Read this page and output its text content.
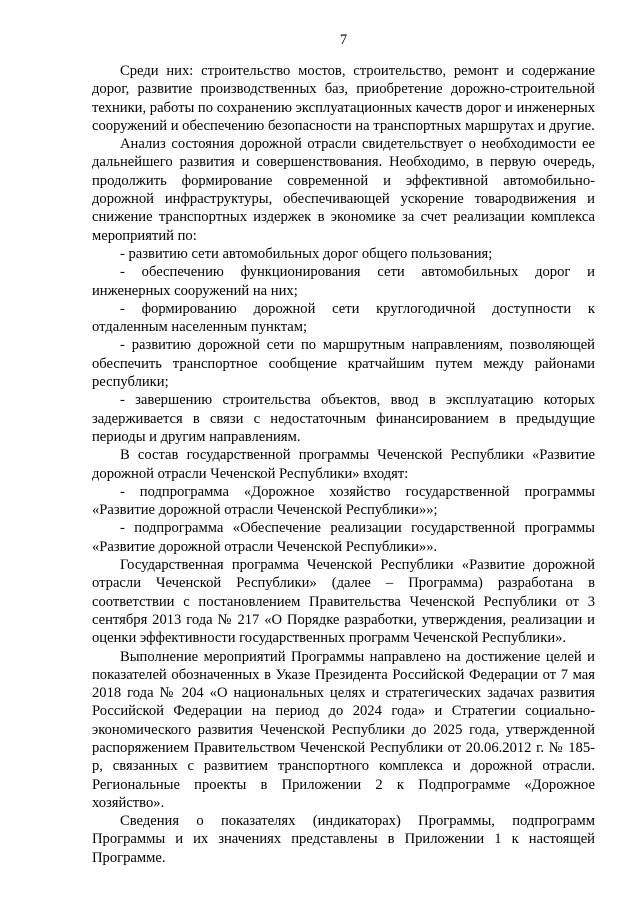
7

Среди них: строительство мостов, строительство, ремонт и содержание дорог, развитие производственных баз, приобретение дорожно-строительной техники, работы по сохранению эксплуатационных качеств дорог и инженерных сооружений и обеспечению безопасности на транспортных маршрутах и другие.

Анализ состояния дорожной отрасли свидетельствует о необходимости ее дальнейшего развития и совершенствования. Необходимо, в первую очередь, продолжить формирование современной и эффективной автомобильно-дорожной инфраструктуры, обеспечивающей ускорение товародвижения и снижение транспортных издержек в экономике за счет реализации комплекса мероприятий по:

- развитию сети автомобильных дорог общего пользования;

- обеспечению функционирования сети автомобильных дорог и инженерных сооружений на них;

- формированию дорожной сети круглогодичной доступности к отдаленным населенным пунктам;

- развитию дорожной сети по маршрутным направлениям, позволяющей обеспечить транспортное сообщение кратчайшим путем между районами республики;

- завершению строительства объектов, ввод в эксплуатацию которых задерживается в связи с недостаточным финансированием в предыдущие периоды и другим направлениям.

В состав государственной программы Чеченской Республики «Развитие дорожной отрасли Чеченской Республики» входят:

- подпрограмма «Дорожное хозяйство государственной программы «Развитие дорожной отрасли Чеченской Республики»»;

- подпрограмма «Обеспечение реализации государственной программы «Развитие дорожной отрасли Чеченской Республики»».

Государственная программа Чеченской Республики «Развитие дорожной отрасли Чеченской Республики» (далее – Программа) разработана в соответствии с постановлением Правительства Чеченской Республики от 3 сентября 2013 года № 217 «О Порядке разработки, утверждения, реализации и оценки эффективности государственных программ Чеченской Республики».

Выполнение мероприятий Программы направлено на достижение целей и показателей обозначенных в Указе Президента Российской Федерации от 7 мая 2018 года № 204 «О национальных целях и стратегических задачах развития Российской Федерации на период до 2024 года» и Стратегии социально-экономического развития Чеченской Республики до 2025 года, утвержденной распоряжением Правительством Чеченской Республики от 20.06.2012 г. № 185-р, связанных с развитием транспортного комплекса и дорожной отрасли. Региональные проекты в Приложении 2 к Подпрограмме «Дорожное хозяйство».

Сведения о показателях (индикаторах) Программы, подпрограмм Программы и их значениях представлены в Приложении 1 к настоящей Программе.
